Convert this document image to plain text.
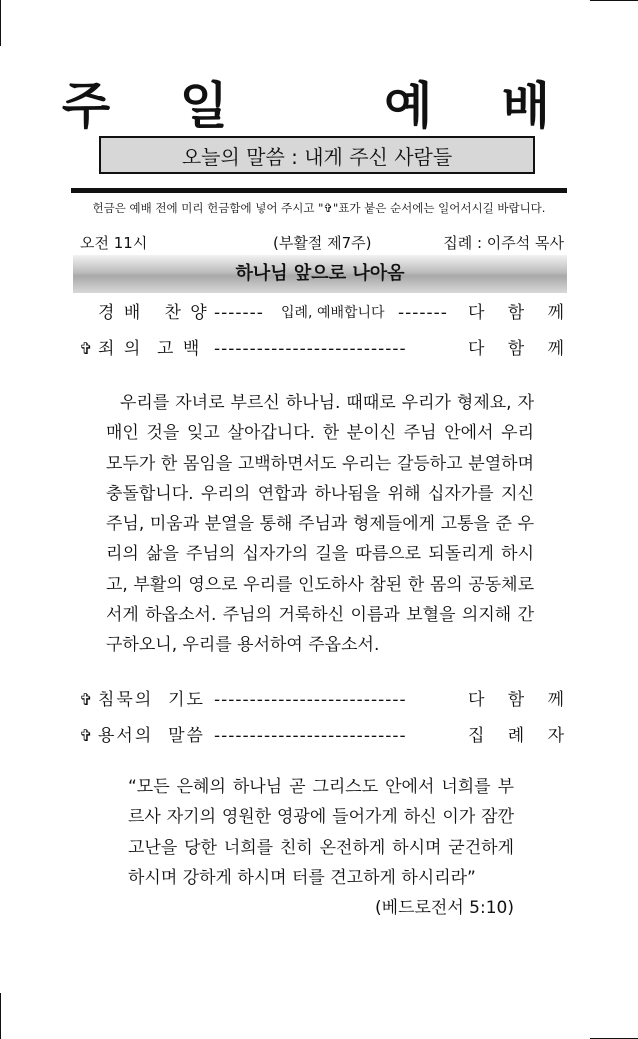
주 일   예 배
오늘의 말씀 : 내게 주신 사람들
헌금은 예배 전에 미리 헌금함에 넣어 주시고 "✞"표가 붙은 순서에는 일어서시길 바랍니다.
오전 11시	(부활절 제7주)	집례 : 이주석 목사
하나님 앞으로 나아옴
경 배   찬 양 ------- 입례, 예배합니다 ------- 다 함 께
✞ 죄 의  고 백 ---------------------------	다 함 께
우리를 자녀로 부르신 하나님. 때때로 우리가 형제요, 자매인 것을 잊고 살아갑니다. 한 분이신 주님 안에서 우리 모두가 한 몸임을 고백하면서도 우리는 갈등하고 분열하며 충돌합니다. 우리의 연합과 하나됨을 위해 십자가를 지신 주님, 미움과 분열을 통해 주님과 형제들에게 고통을 준 우리의 삶을 주님의 십자가의 길을 따름으로 되돌리게 하시고, 부활의 영으로 우리를 인도하사 참된 한 몸의 공동체로 서게 하옵소서. 주님의 거룩하신 이름과 보혈을 의지해 간구하오니, 우리를 용서하여 주옵소서.
✞ 침묵의  기도 ---------------------------	다 함 께
✞ 용서의  말씀 ---------------------------	집 례 자
“모든 은혜의 하나님 곧 그리스도 안에서 너희를 부르사 자기의 영원한 영광에 들어가게 하신 이가 잠깐 고난을 당한 너희를 친히 온전하게 하시며 굳건하게 하시며 강하게 하시며 터를 견고하게 하시리라”
(베드로전서 5:10)
